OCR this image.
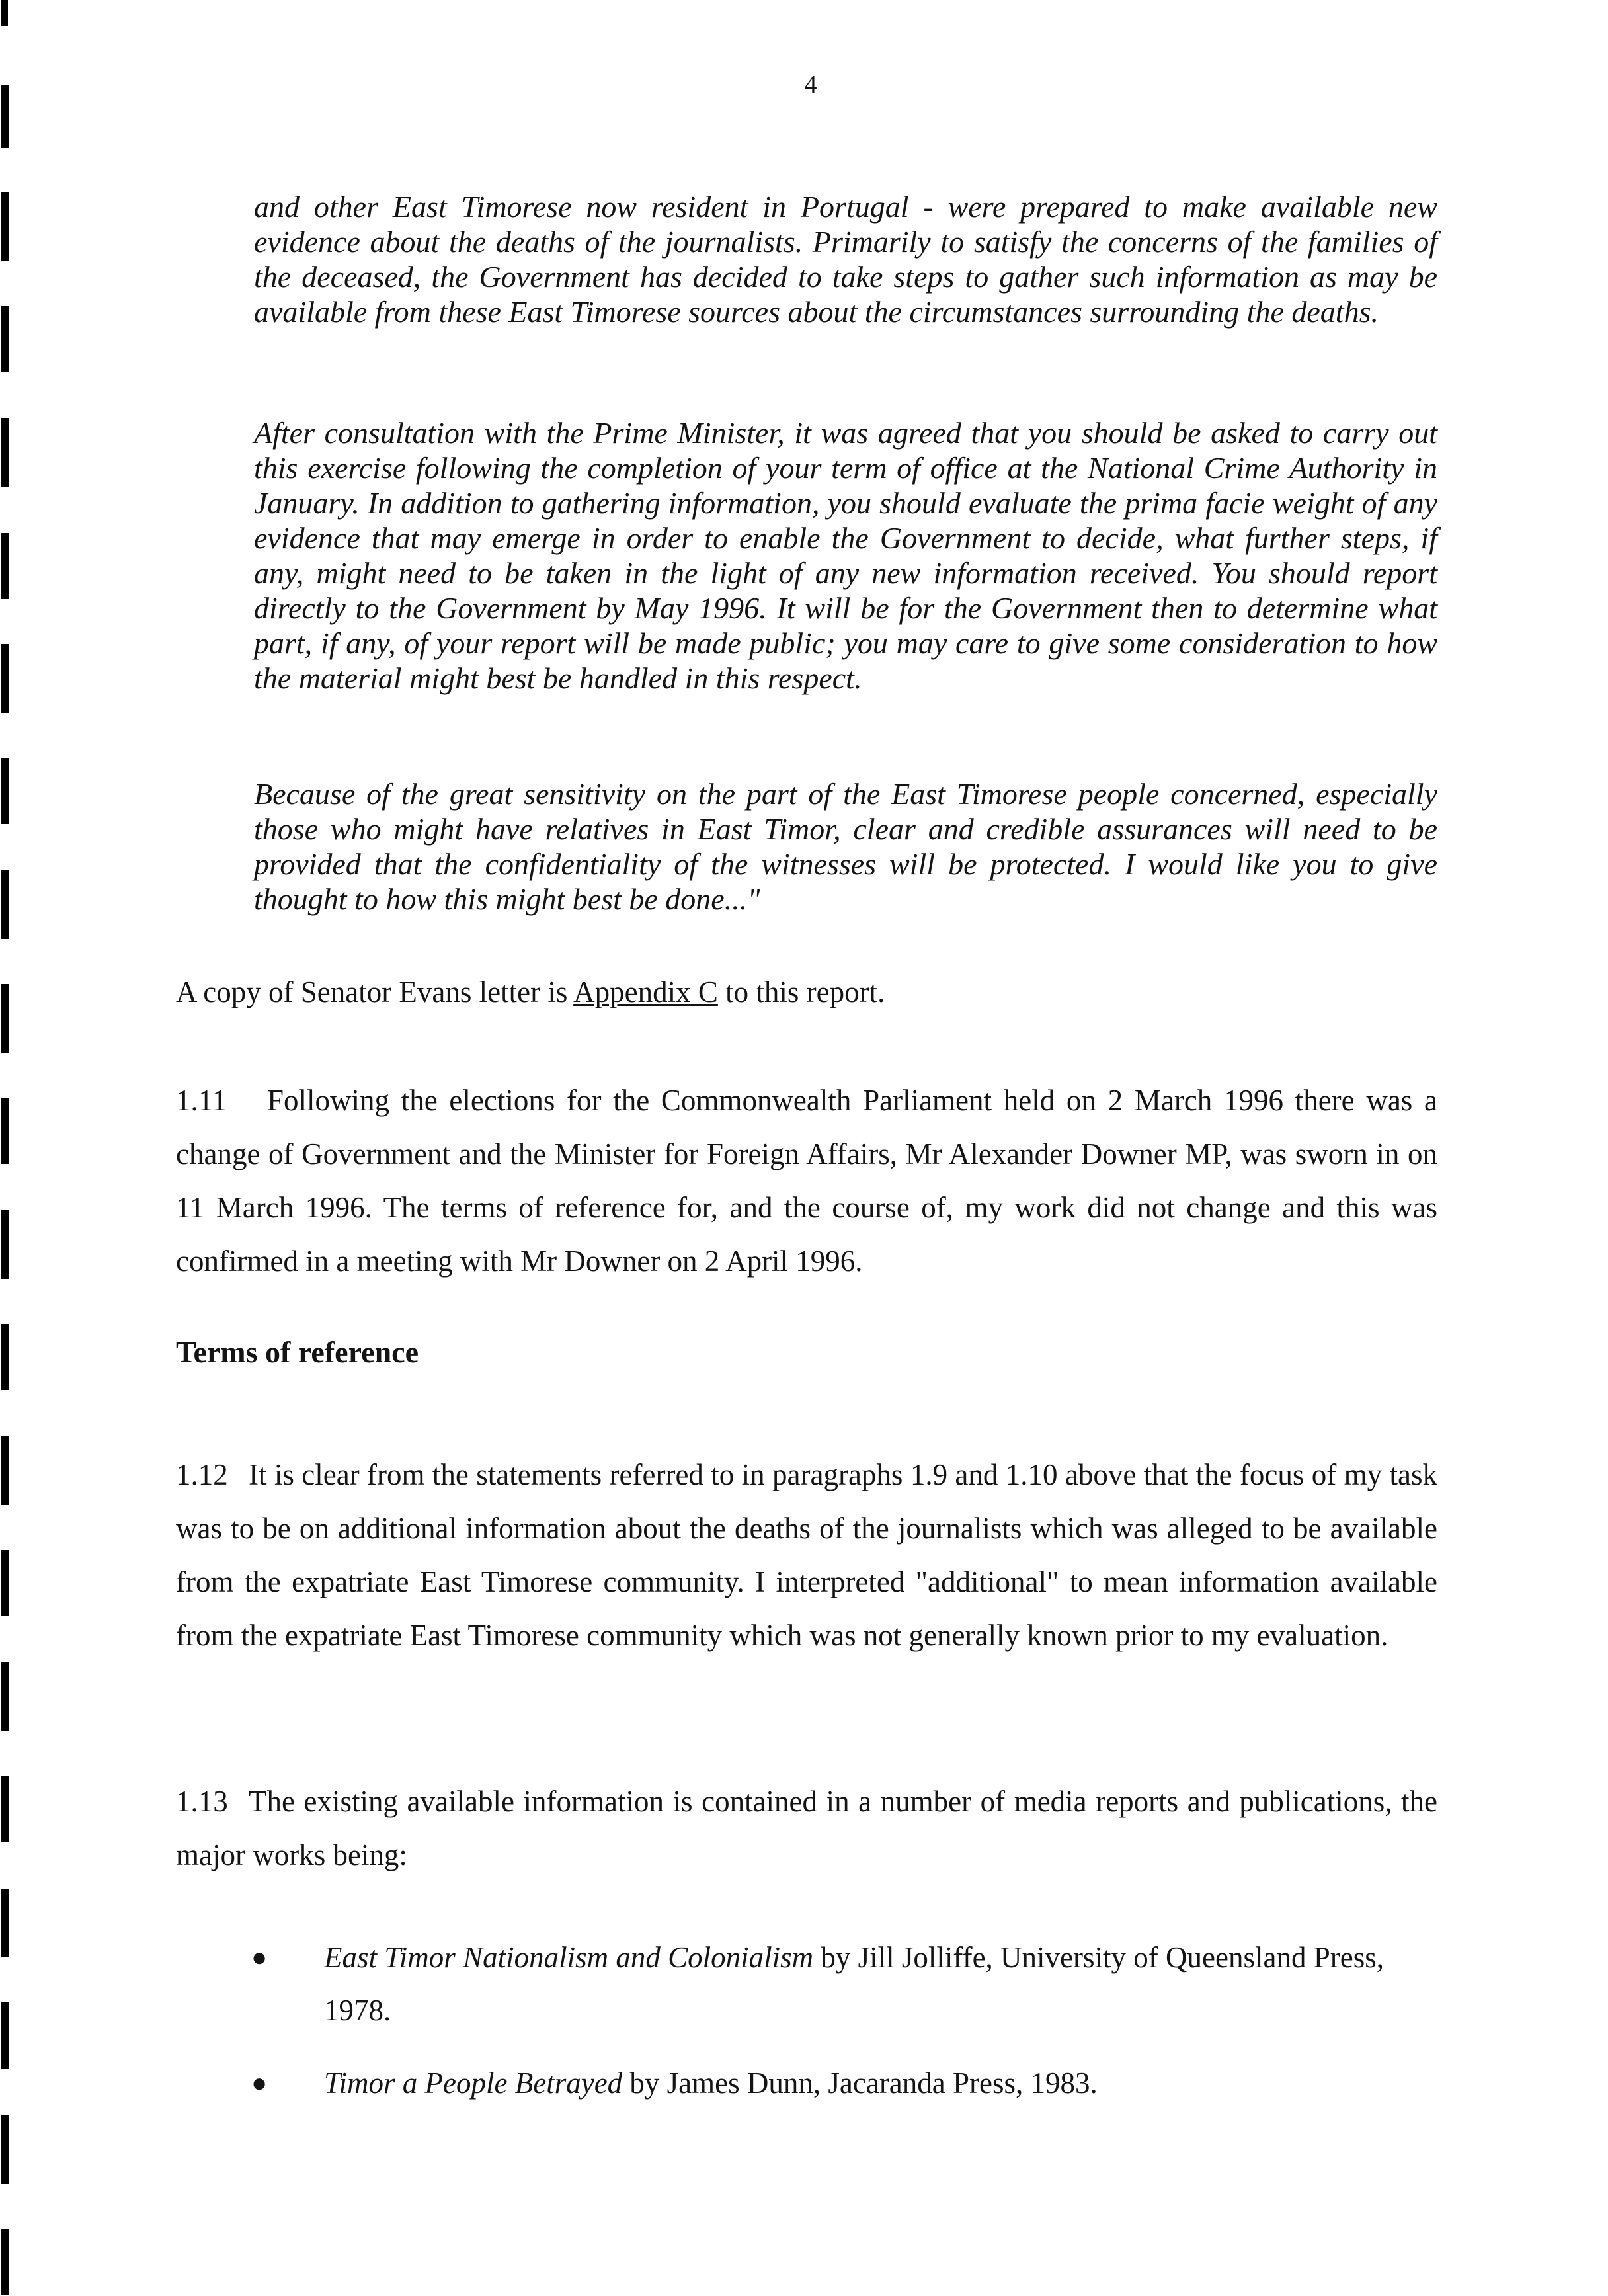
4

and other East Timorese now resident in Portugal - were prepared to make available new evidence about the deaths of the journalists. Primarily to satisfy the concerns of the families of the deceased, the Government has decided to take steps to gather such information as may be available from these East Timorese sources about the circumstances surrounding the deaths.

After consultation with the Prime Minister, it was agreed that you should be asked to carry out this exercise following the completion of your term of office at the National Crime Authority in January. In addition to gathering information, you should evaluate the prima facie weight of any evidence that may emerge in order to enable the Government to decide, what further steps, if any, might need to be taken in the light of any new information received. You should report directly to the Government by May 1996. It will be for the Government then to determine what part, if any, of your report will be made public; you may care to give some consideration to how the material might best be handled in this respect.

Because of the great sensitivity on the part of the East Timorese people concerned, especially those who might have relatives in East Timor, clear and credible assurances will need to be provided that the confidentiality of the witnesses will be protected. I would like you to give thought to how this might best be done..."

A copy of Senator Evans letter is Appendix C to this report.

1.11 Following the elections for the Commonwealth Parliament held on 2 March 1996 there was a change of Government and the Minister for Foreign Affairs, Mr Alexander Downer MP, was sworn in on 11 March 1996. The terms of reference for, and the course of, my work did not change and this was confirmed in a meeting with Mr Downer on 2 April 1996.

Terms of reference

1.12 It is clear from the statements referred to in paragraphs 1.9 and 1.10 above that the focus of my task was to be on additional information about the deaths of the journalists which was alleged to be available from the expatriate East Timorese community. I interpreted "additional" to mean information available from the expatriate East Timorese community which was not generally known prior to my evaluation.

1.13 The existing available information is contained in a number of media reports and publications, the major works being:

● East Timor Nationalism and Colonialism by Jill Jolliffe, University of Queensland Press, 1978.
● Timor a People Betrayed by James Dunn, Jacaranda Press, 1983.
